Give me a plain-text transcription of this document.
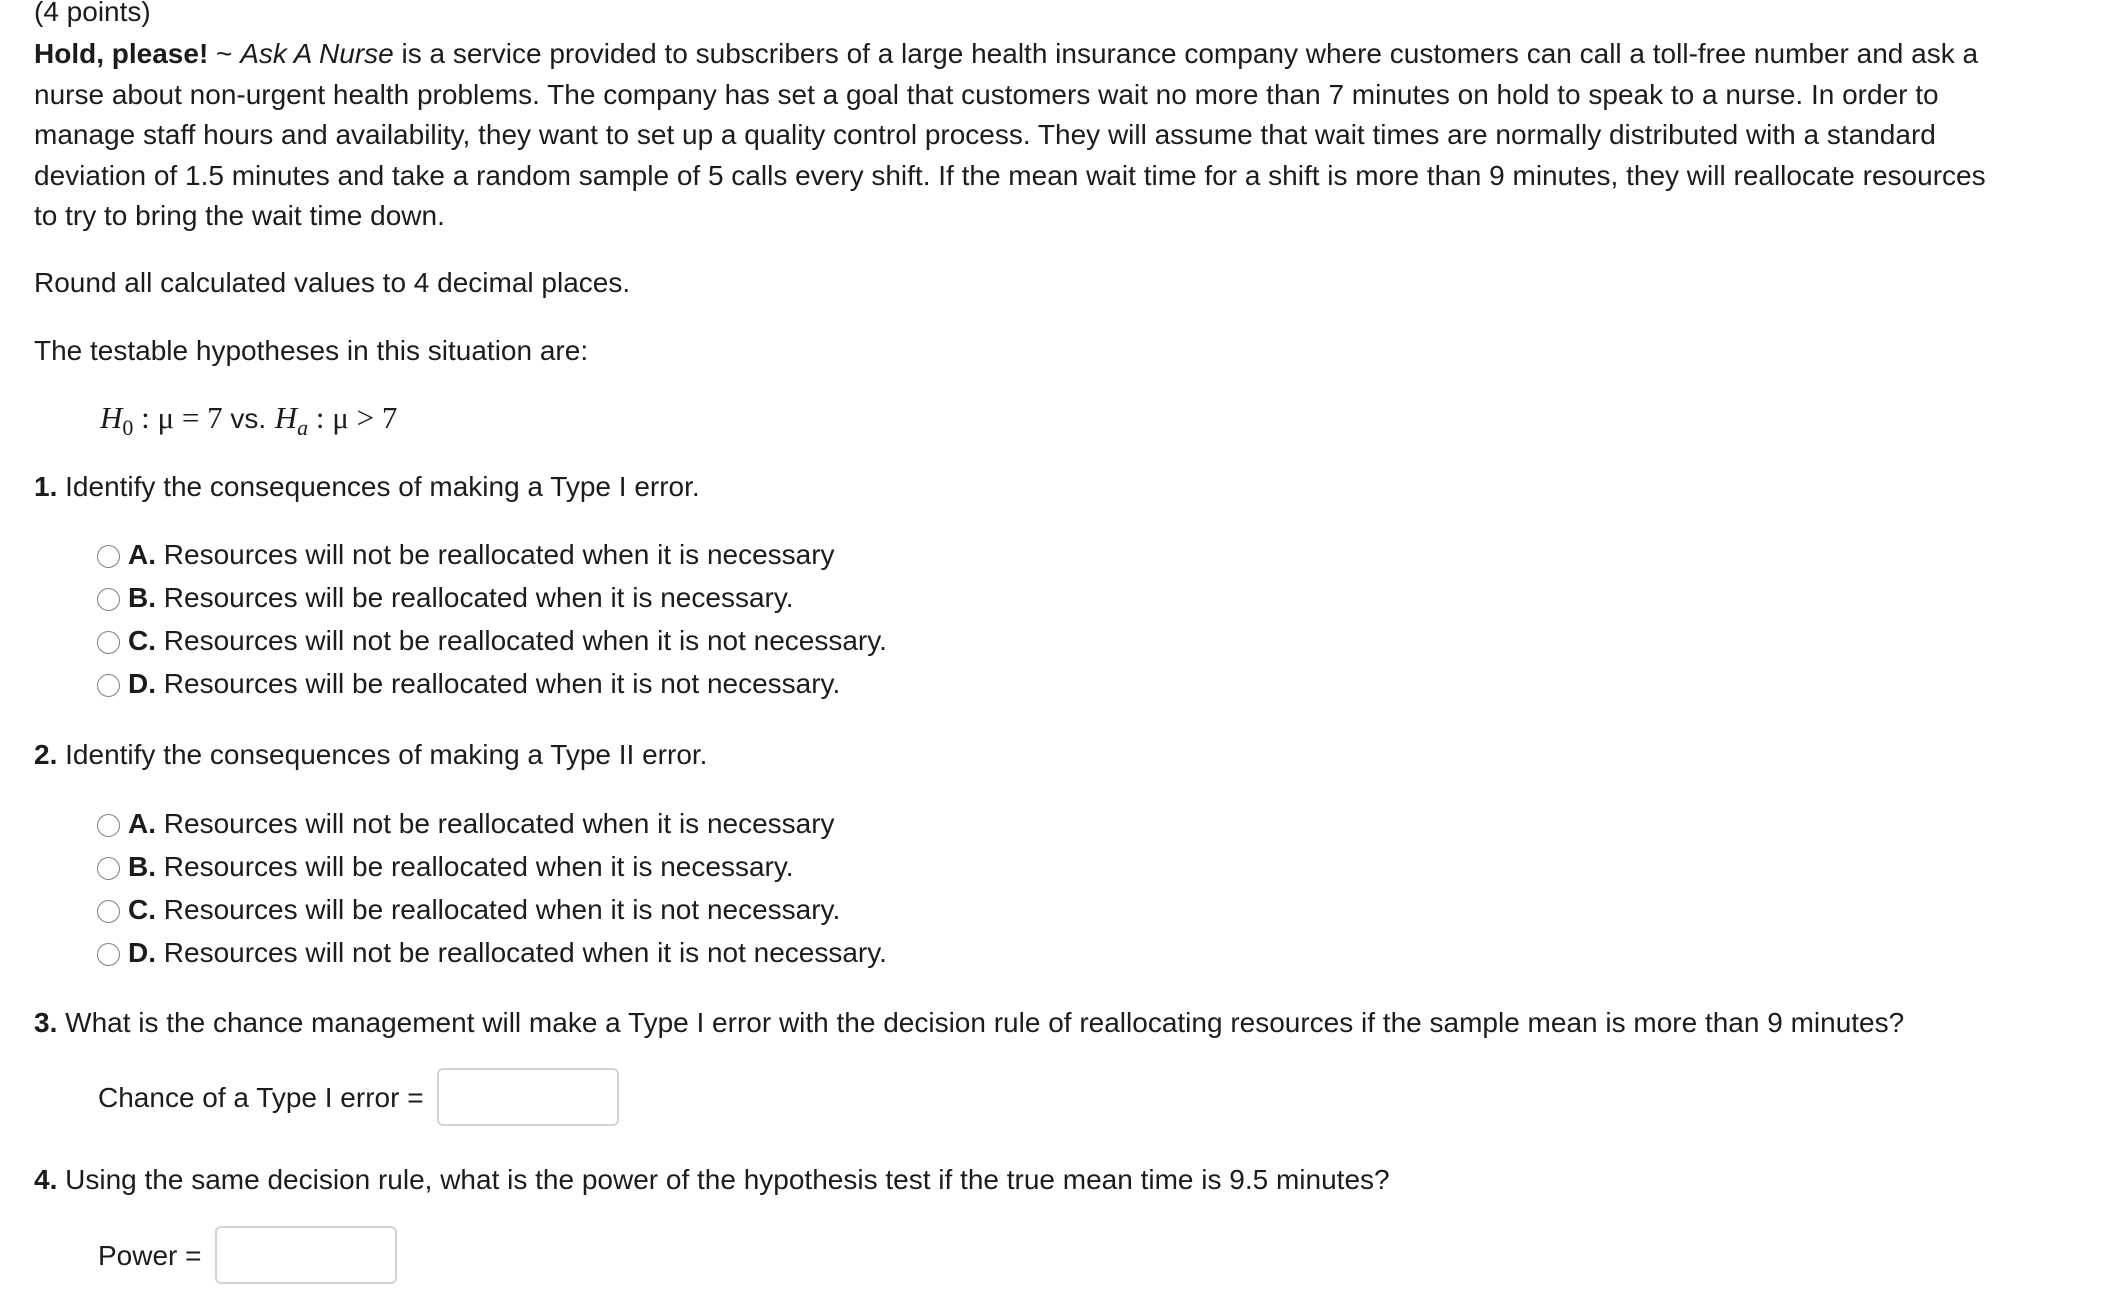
(4 points)
Hold, please! ~ Ask A Nurse is a service provided to subscribers of a large health insurance company where customers can call a toll-free number and ask a nurse about non-urgent health problems. The company has set a goal that customers wait no more than 7 minutes on hold to speak to a nurse. In order to manage staff hours and availability, they want to set up a quality control process. They will assume that wait times are normally distributed with a standard deviation of 1.5 minutes and take a random sample of 5 calls every shift. If the mean wait time for a shift is more than 9 minutes, they will reallocate resources to try to bring the wait time down.
Round all calculated values to 4 decimal places.
The testable hypotheses in this situation are:
$H_0$ : μ = 7 vs. $H_a$ : μ > 7
1. Identify the consequences of making a Type I error.
A. Resources will not be reallocated when it is necessary
B. Resources will be reallocated when it is necessary.
C. Resources will not be reallocated when it is not necessary.
D. Resources will be reallocated when it is not necessary.
2. Identify the consequences of making a Type II error.
A. Resources will not be reallocated when it is necessary
B. Resources will be reallocated when it is necessary.
C. Resources will be reallocated when it is not necessary.
D. Resources will not be reallocated when it is not necessary.
3. What is the chance management will make a Type I error with the decision rule of reallocating resources if the sample mean is more than 9 minutes?
Chance of a Type I error =
4. Using the same decision rule, what is the power of the hypothesis test if the true mean time is 9.5 minutes?
Power =
